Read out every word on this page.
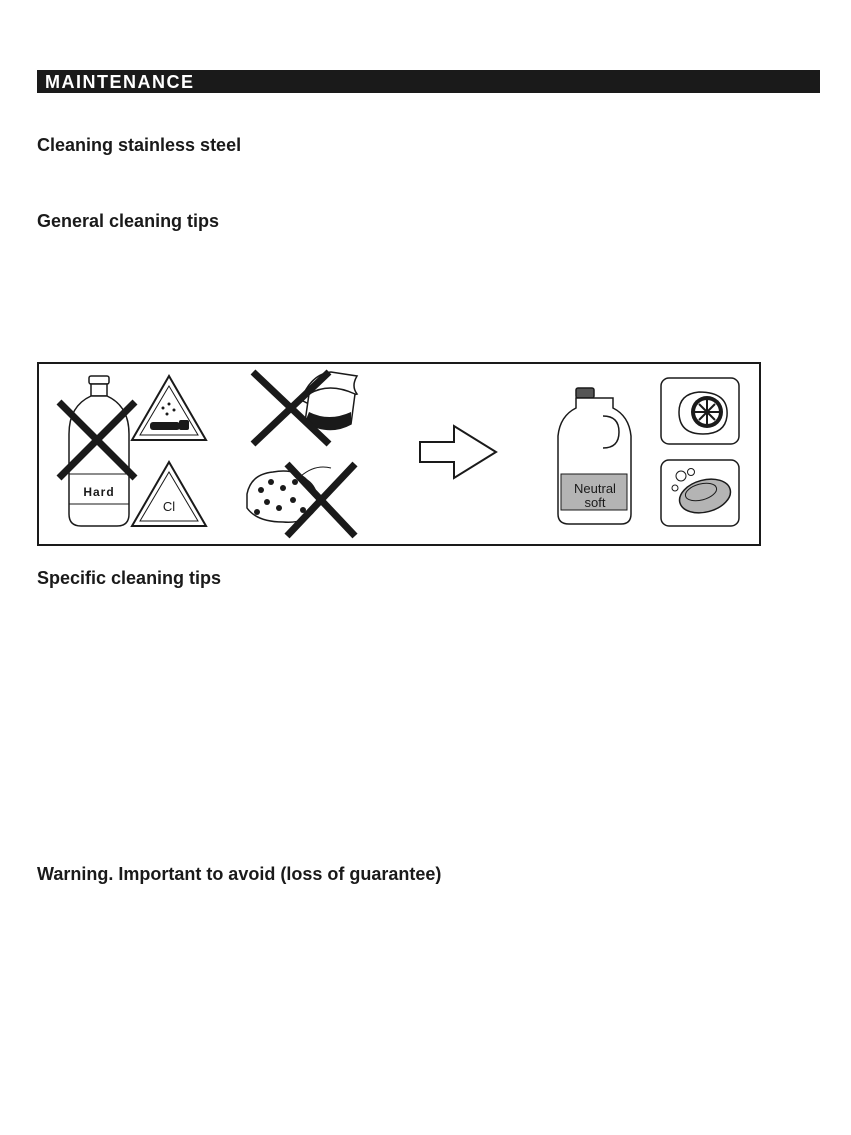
MAINTENANCE
Cleaning stainless steel
General cleaning tips
Hard
Cl
Neutral
soft
Specific cleaning tips
Warning. Important to avoid (loss of guarantee)
